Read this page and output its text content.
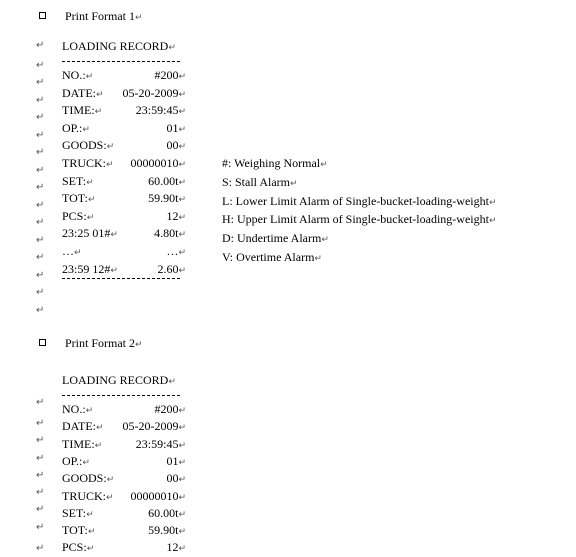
Print Format 1↵
LOADING RECORD↵
NO.:↵	#200↵
DATE:↵ 05-20-2009↵
TIME:↵	23:59:45↵
OP.:↵	01↵
GOODS:↵	00↵
TRUCK:↵ 00000010↵
SET:↵	60.00t↵
TOT:↵	59.90t↵
PCS:↵	12↵
23:25 01#↵	4.80t↵
…↵	…↵
23:59 12#↵	2.60↵
↵
↵
↵
↵
↵
↵
↵
↵
↵
↵
↵
↵
↵
↵
↵
↵
#: Weighing Normal↵
S: Stall Alarm↵
L: Lower Limit Alarm of Single-bucket-loading-weight↵
H: Upper Limit Alarm of Single-bucket-loading-weight↵
D: Undertime Alarm↵
V: Overtime Alarm↵
Print Format 2↵
LOADING RECORD↵
NO.:↵	#200↵
DATE:↵ 05-20-2009↵
TIME:↵	23:59:45↵
OP.:↵	01↵
GOODS:↵	00↵
TRUCK:↵ 00000010↵
SET:↵	60.00t↵
TOT:↵	59.90t↵
PCS:↵	12↵
↵
↵
↵
↵
↵
↵
↵
↵
↵
